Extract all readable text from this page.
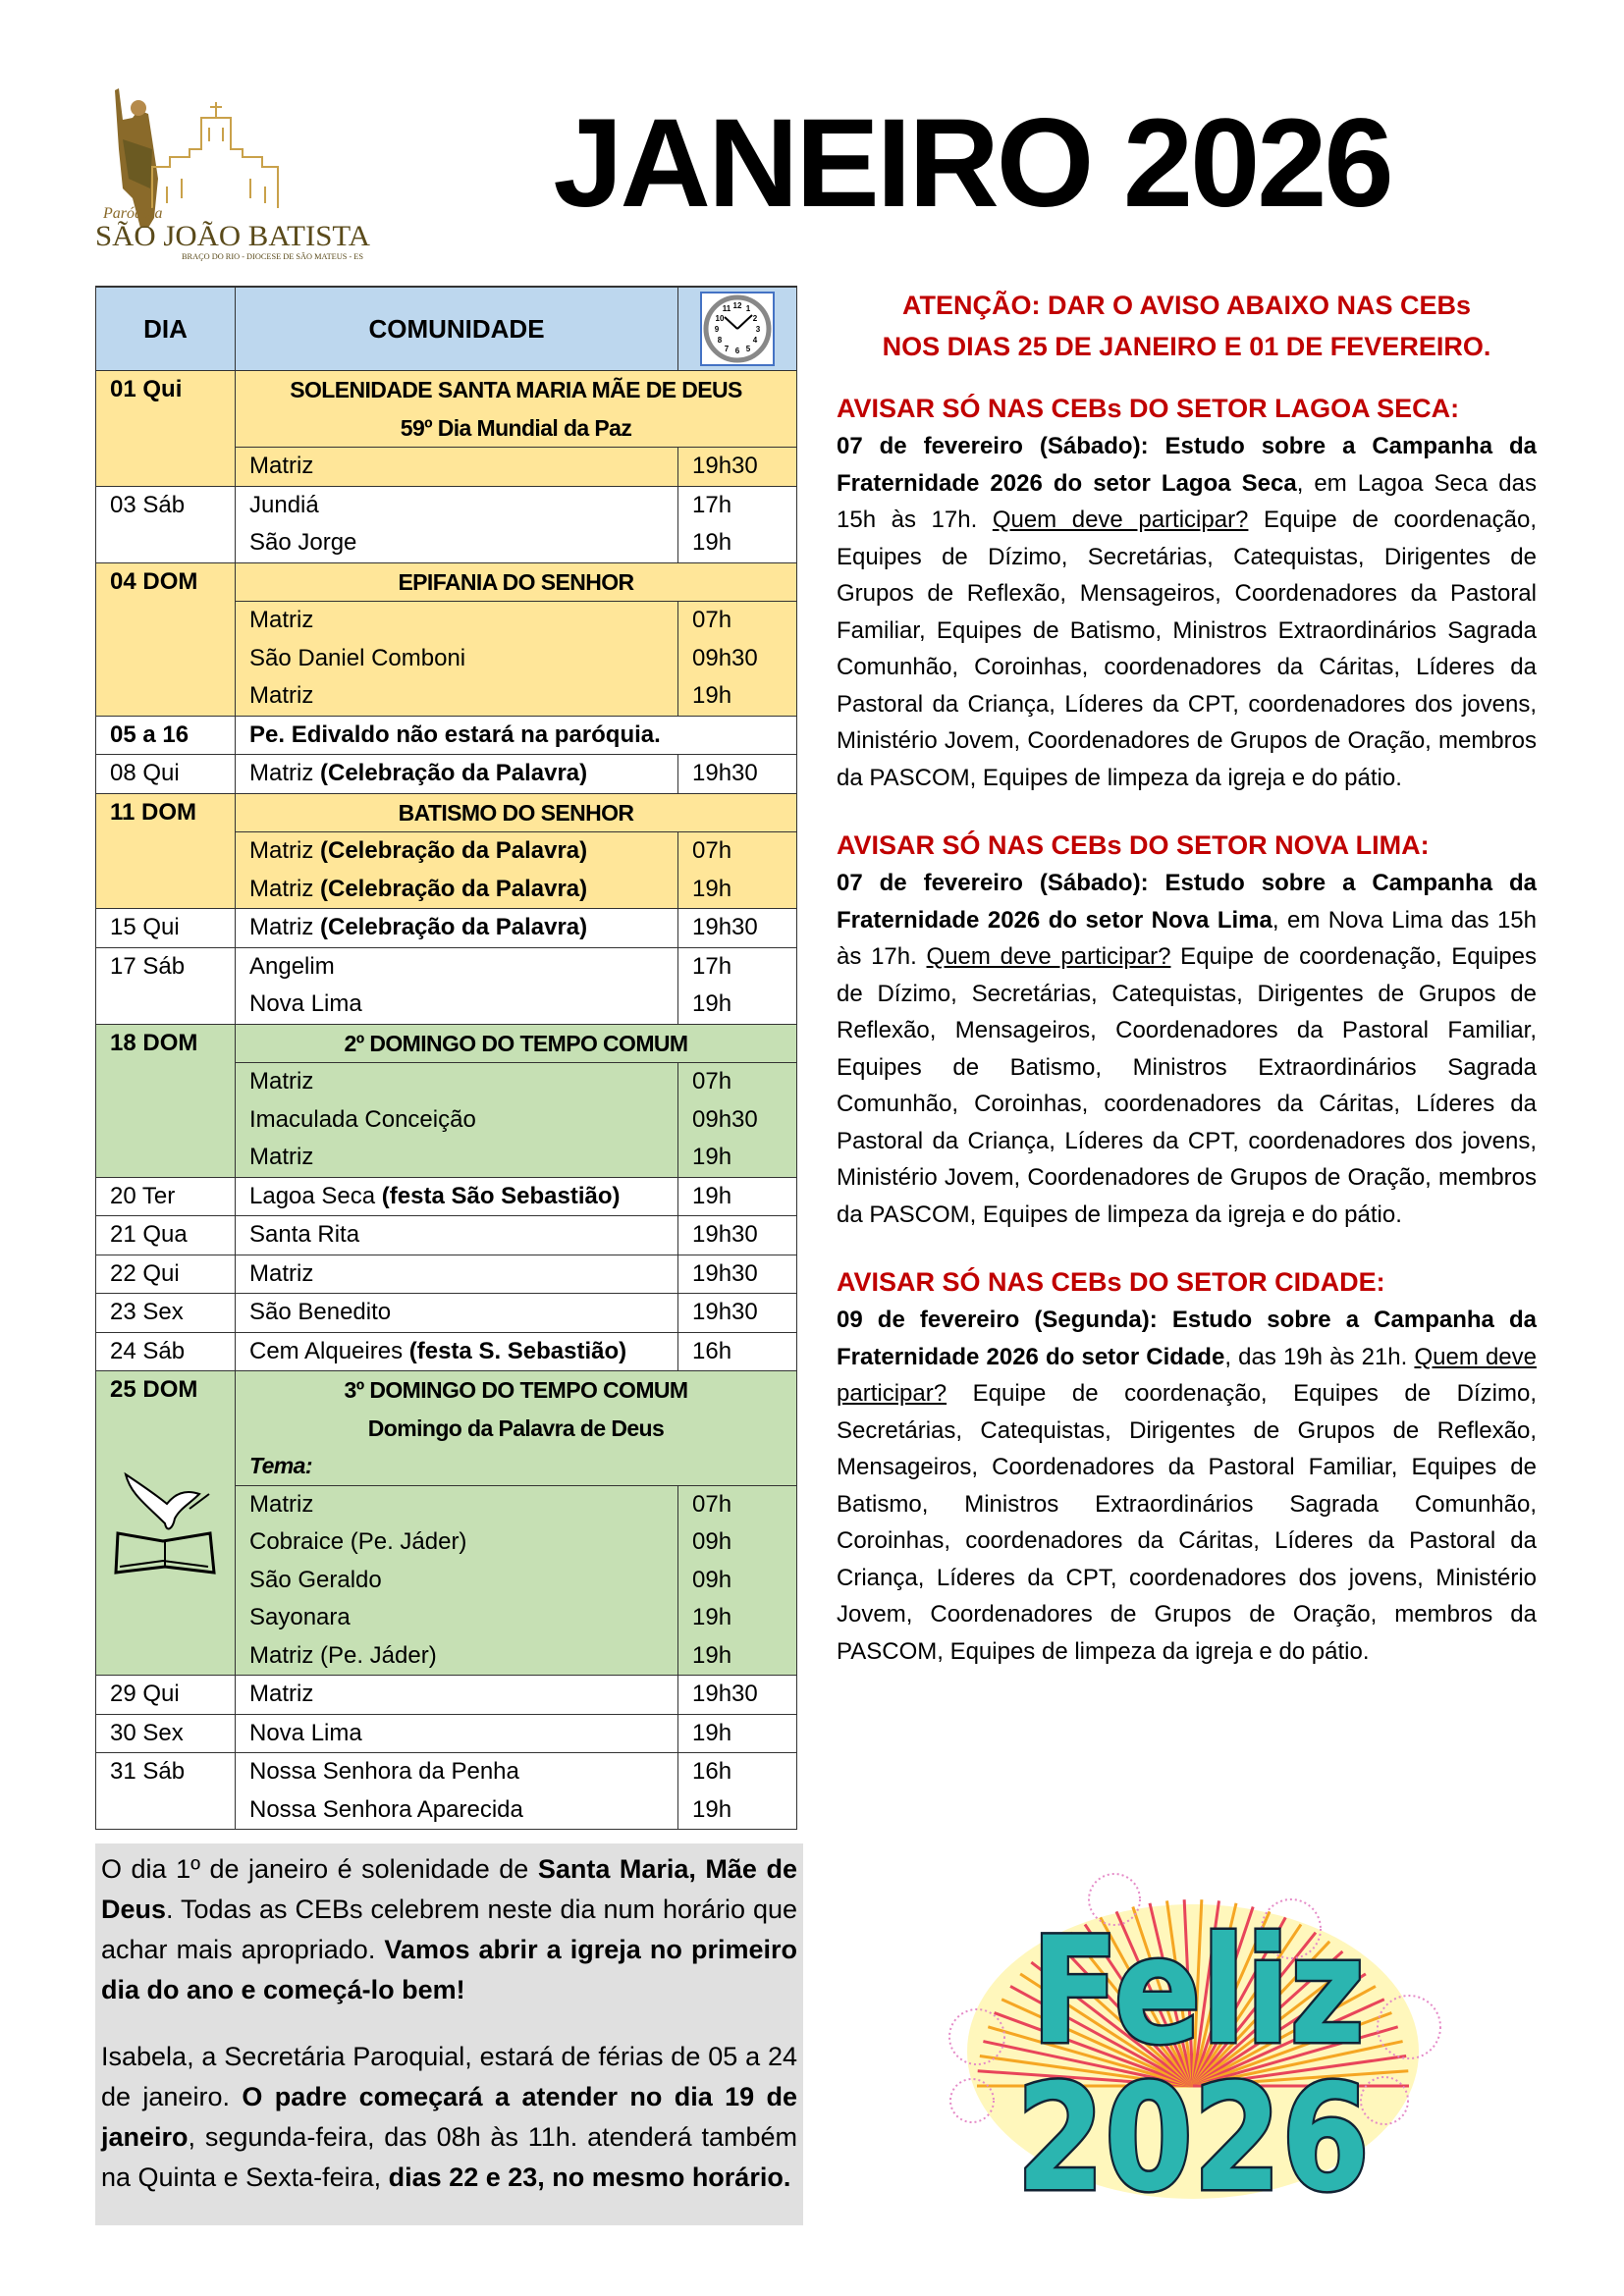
Paróquia
SÃO JOÃO BATISTA
BRAÇO DO RIO - DIOCESE DE SÃO MATEUS - ES
JANEIRO 2026
DIA	COMUNIDADE
12
3
6
9
1
2
4
5
7
8
10
11
01 Qui	SOLENIDADE SANTA MARIA MÃE DE DEUS
59º Dia Mundial da Paz
Matriz	19h30
03 Sáb	Jundiá	17h
São Jorge	19h
04 DOM	EPIFANIA DO SENHOR
Matriz	07h
São Daniel Comboni	09h30
Matriz	19h
05 a 16	Pe. Edivaldo não estará na paróquia.
08 Qui	Matriz (Celebração da Palavra)	19h30
11 DOM	BATISMO DO SENHOR
Matriz (Celebração da Palavra)	07h
Matriz (Celebração da Palavra)	19h
15 Qui	Matriz (Celebração da Palavra)	19h30
17 Sáb	Angelim	17h
Nova Lima	19h
18 DOM	2º DOMINGO DO TEMPO COMUM
Matriz	07h
Imaculada Conceição	09h30
Matriz	19h
20 Ter	Lagoa Seca (festa São Sebastião)	19h
21 Qua	Santa Rita	19h30
22 Qui	Matriz	19h30
23 Sex	São Benedito	19h30
24 Sáb	Cem Alqueires (festa S. Sebastião)	16h
25 DOM	3º DOMINGO DO TEMPO COMUM
Domingo da Palavra de Deus
Tema:
Matriz	07h
Cobraice (Pe. Jáder)	09h
São Geraldo	09h
Sayonara	19h
Matriz (Pe. Jáder)	19h
29 Qui	Matriz	19h30
30 Sex	Nova Lima	19h
31 Sáb	Nossa Senhora da Penha	16h
Nossa Senhora Aparecida	19h

O dia 1º de janeiro é solenidade de Santa Maria, Mãe de Deus. Todas as CEBs celebrem neste dia num horário que achar mais apropriado. Vamos abrir a igreja no primeiro dia do ano e começá-lo bem!

Isabela, a Secretária Paroquial, estará de férias de 05 a 24 de janeiro. O padre começará a atender no dia 19 de janeiro, segunda-feira, das 08h às 11h. atenderá também na Quinta e Sexta-feira, dias 22 e 23, no mesmo horário.

ATENÇÃO: DAR O AVISO ABAIXO NAS CEBs
NOS DIAS 25 DE JANEIRO E 01 DE FEVEREIRO.
AVISAR SÓ NAS CEBs DO SETOR LAGOA SECA:

07 de fevereiro (Sábado): Estudo sobre a Campanha da Fraternidade 2026 do setor Lagoa Seca, em Lagoa Seca das 15h às 17h. Quem deve participar? Equipe de coordenação, Equipes de Dízimo, Secretárias, Catequistas, Dirigentes de Grupos de Reflexão, Mensageiros, Coordenadores da Pastoral Familiar, Equipes de Batismo, Ministros Extraordinários Sagrada Comunhão, Coroinhas, coordenadores da Cáritas, Líderes da Pastoral da Criança, Líderes da CPT, coordenadores dos jovens, Ministério Jovem, Coordenadores de Grupos de Oração, membros da PASCOM, Equipes de limpeza da igreja e do pátio.

AVISAR SÓ NAS CEBs DO SETOR NOVA LIMA:

07 de fevereiro (Sábado): Estudo sobre a Campanha da Fraternidade 2026 do setor Nova Lima, em Nova Lima das 15h às 17h. Quem deve participar? Equipe de coordenação, Equipes de Dízimo, Secretárias, Catequistas, Dirigentes de Grupos de Reflexão, Mensageiros, Coordenadores da Pastoral Familiar, Equipes de Batismo, Ministros Extraordinários Sagrada Comunhão, Coroinhas, coordenadores da Cáritas, Líderes da Pastoral da Criança, Líderes da CPT, coordenadores dos jovens, Ministério Jovem, Coordenadores de Grupos de Oração, membros da PASCOM, Equipes de limpeza da igreja e do pátio.

AVISAR SÓ NAS CEBs DO SETOR CIDADE:

09 de fevereiro (Segunda): Estudo sobre a Campanha da Fraternidade 2026 do setor Cidade, das 19h às 21h. Quem deve participar? Equipe de coordenação, Equipes de Dízimo, Secretárias, Catequistas, Dirigentes de Grupos de Reflexão, Mensageiros, Coordenadores da Pastoral Familiar, Equipes de Batismo, Ministros Extraordinários Sagrada Comunhão, Coroinhas, coordenadores da Cáritas, Líderes da Pastoral da Criança, Líderes da CPT, coordenadores dos jovens, Ministério Jovem, Coordenadores de Grupos de Oração, membros da PASCOM, Equipes de limpeza da igreja e do pátio.

Feliz
2026
